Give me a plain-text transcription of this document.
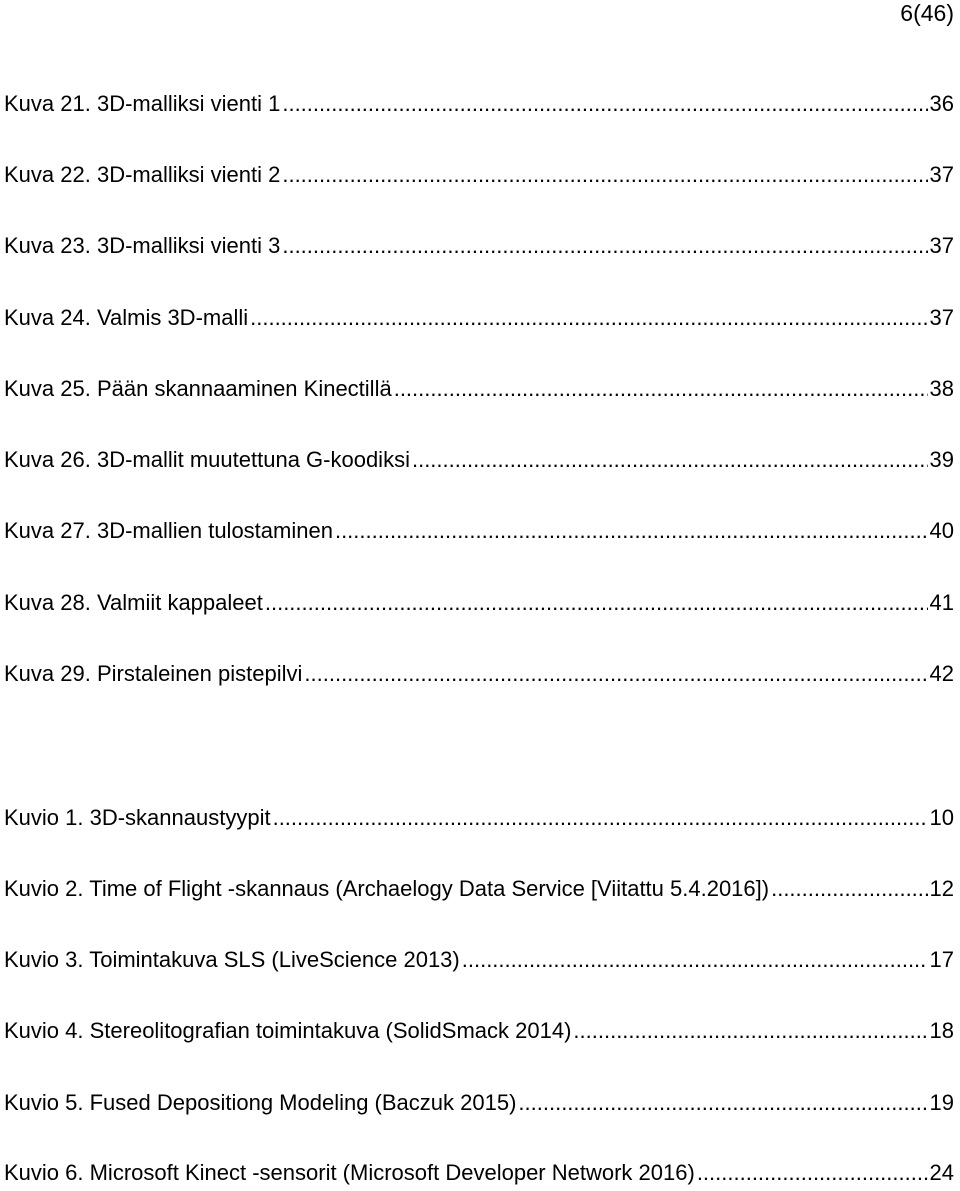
6(46)
Kuva 21. 3D-malliksi vienti 1 .....	36
Kuva 22. 3D-malliksi vienti 2 .....	37
Kuva 23. 3D-malliksi vienti 3 .....	37
Kuva 24. Valmis 3D-malli .....	37
Kuva 25. Pään skannaaminen Kinectillä .....	38
Kuva 26. 3D-mallit muutettuna G-koodiksi .....	39
Kuva 27. 3D-mallien tulostaminen .....	40
Kuva 28. Valmiit kappaleet .....	41
Kuva 29. Pirstaleinen pistepilvi .....	42
Kuvio 1. 3D-skannaustyypit .....	10
Kuvio 2. Time of Flight -skannaus (Archaelogy Data Service [Viitattu 5.4.2016]) .....	12
Kuvio 3. Toimintakuva SLS (LiveScience 2013) .....	17
Kuvio 4. Stereolitografian toimintakuva (SolidSmack 2014) .....	18
Kuvio 5. Fused Depositiong Modeling (Baczuk 2015) .....	19
Kuvio 6. Microsoft Kinect -sensorit (Microsoft Developer Network 2016) .....	24
